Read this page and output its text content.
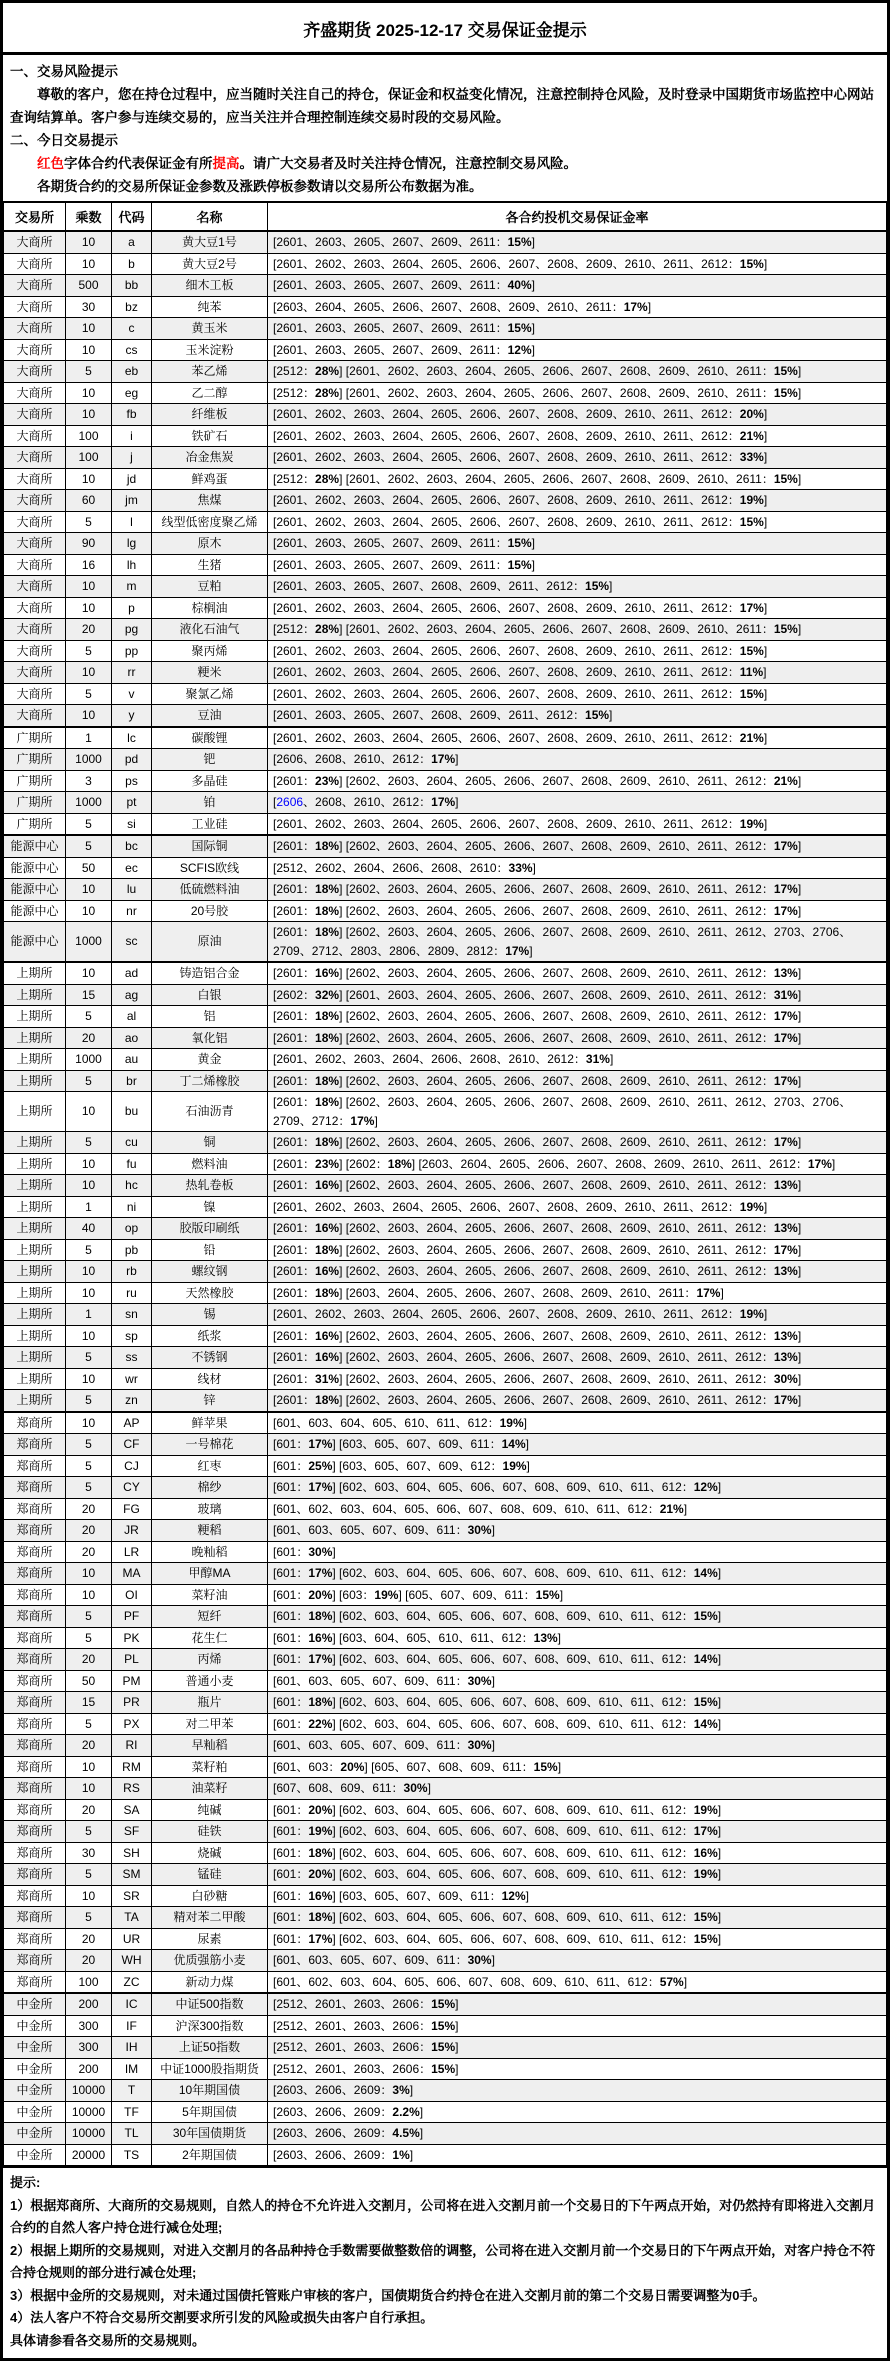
齐盛期货 2025-12-17 交易保证金提示

一、交易风险提示

尊敬的客户，您在持仓过程中，应当随时关注自己的持仓，保证金和权益变化情况，注意控制持仓风险，及时登录中国期货市场监控中心网站查询结算单。客户参与连续交易的，应当关注并合理控制连续交易时段的交易风险。

二、今日交易提示

红色字体合约代表保证金有所提高。请广大交易者及时关注持仓情况，注意控制交易风险。

各期货合约的交易所保证金参数及涨跌停板参数请以交易所公布数据为准。

交易所	乘数	代码	名称	各合约投机交易保证金率
大商所	10	a	黄大豆1号	[2601、2603、2605、2607、2609、2611：15%]
大商所	10	b	黄大豆2号	[2601、2602、2603、2604、2605、2606、2607、2608、2609、2610、2611、2612：15%]
大商所	500	bb	细木工板	[2601、2603、2605、2607、2609、2611：40%]
大商所	30	bz	纯苯	[2603、2604、2605、2606、2607、2608、2609、2610、2611：17%]
大商所	10	c	黄玉米	[2601、2603、2605、2607、2609、2611：15%]
大商所	10	cs	玉米淀粉	[2601、2603、2605、2607、2609、2611：12%]
大商所	5	eb	苯乙烯	[2512：28%] [2601、2602、2603、2604、2605、2606、2607、2608、2609、2610、2611：15%]
大商所	10	eg	乙二醇	[2512：28%] [2601、2602、2603、2604、2605、2606、2607、2608、2609、2610、2611：15%]
大商所	10	fb	纤维板	[2601、2602、2603、2604、2605、2606、2607、2608、2609、2610、2611、2612：20%]
大商所	100	i	铁矿石	[2601、2602、2603、2604、2605、2606、2607、2608、2609、2610、2611、2612：21%]
大商所	100	j	冶金焦炭	[2601、2602、2603、2604、2605、2606、2607、2608、2609、2610、2611、2612：33%]
大商所	10	jd	鲜鸡蛋	[2512：28%] [2601、2602、2603、2604、2605、2606、2607、2608、2609、2610、2611：15%]
大商所	60	jm	焦煤	[2601、2602、2603、2604、2605、2606、2607、2608、2609、2610、2611、2612：19%]
大商所	5	l	线型低密度聚乙烯	[2601、2602、2603、2604、2605、2606、2607、2608、2609、2610、2611、2612：15%]
大商所	90	lg	原木	[2601、2603、2605、2607、2609、2611：15%]
大商所	16	lh	生猪	[2601、2603、2605、2607、2609、2611：15%]
大商所	10	m	豆粕	[2601、2603、2605、2607、2608、2609、2611、2612：15%]
大商所	10	p	棕榈油	[2601、2602、2603、2604、2605、2606、2607、2608、2609、2610、2611、2612：17%]
大商所	20	pg	液化石油气	[2512：28%] [2601、2602、2603、2604、2605、2606、2607、2608、2609、2610、2611：15%]
大商所	5	pp	聚丙烯	[2601、2602、2603、2604、2605、2606、2607、2608、2609、2610、2611、2612：15%]
大商所	10	rr	粳米	[2601、2602、2603、2604、2605、2606、2607、2608、2609、2610、2611、2612：11%]
大商所	5	v	聚氯乙烯	[2601、2602、2603、2604、2605、2606、2607、2608、2609、2610、2611、2612：15%]
大商所	10	y	豆油	[2601、2603、2605、2607、2608、2609、2611、2612：15%]
广期所	1	lc	碳酸锂	[2601、2602、2603、2604、2605、2606、2607、2608、2609、2610、2611、2612：21%]
广期所	1000	pd	钯	[2606、2608、2610、2612：17%]
广期所	3	ps	多晶硅	[2601：23%] [2602、2603、2604、2605、2606、2607、2608、2609、2610、2611、2612：21%]
广期所	1000	pt	铂	[2606、2608、2610、2612：17%]
广期所	5	si	工业硅	[2601、2602、2603、2604、2605、2606、2607、2608、2609、2610、2611、2612：19%]
能源中心	5	bc	国际铜	[2601：18%] [2602、2603、2604、2605、2606、2607、2608、2609、2610、2611、2612：17%]
能源中心	50	ec	SCFIS欧线	[2512、2602、2604、2606、2608、2610：33%]
能源中心	10	lu	低硫燃料油	[2601：18%] [2602、2603、2604、2605、2606、2607、2608、2609、2610、2611、2612：17%]
能源中心	10	nr	20号胶	[2601：18%] [2602、2603、2604、2605、2606、2607、2608、2609、2610、2611、2612：17%]
能源中心	1000	sc	原油	[2601：18%] [2602、2603、2604、2605、2606、2607、2608、2609、2610、2611、2612、2703、2706、2709、2712、2803、2806、2809、2812：17%]
上期所	10	ad	铸造铝合金	[2601：16%] [2602、2603、2604、2605、2606、2607、2608、2609、2610、2611、2612：13%]
上期所	15	ag	白银	[2602：32%] [2601、2603、2604、2605、2606、2607、2608、2609、2610、2611、2612：31%]
上期所	5	al	铝	[2601：18%] [2602、2603、2604、2605、2606、2607、2608、2609、2610、2611、2612：17%]
上期所	20	ao	氧化铝	[2601：18%] [2602、2603、2604、2605、2606、2607、2608、2609、2610、2611、2612：17%]
上期所	1000	au	黄金	[2601、2602、2603、2604、2606、2608、2610、2612：31%]
上期所	5	br	丁二烯橡胶	[2601：18%] [2602、2603、2604、2605、2606、2607、2608、2609、2610、2611、2612：17%]
上期所	10	bu	石油沥青	[2601：18%] [2602、2603、2604、2605、2606、2607、2608、2609、2610、2611、2612、2703、2706、2709、2712：17%]
上期所	5	cu	铜	[2601：18%] [2602、2603、2604、2605、2606、2607、2608、2609、2610、2611、2612：17%]
上期所	10	fu	燃料油	[2601：23%] [2602：18%] [2603、2604、2605、2606、2607、2608、2609、2610、2611、2612：17%]
上期所	10	hc	热轧卷板	[2601：16%] [2602、2603、2604、2605、2606、2607、2608、2609、2610、2611、2612：13%]
上期所	1	ni	镍	[2601、2602、2603、2604、2605、2606、2607、2608、2609、2610、2611、2612：19%]
上期所	40	op	胶版印刷纸	[2601：16%] [2602、2603、2604、2605、2606、2607、2608、2609、2610、2611、2612：13%]
上期所	5	pb	铅	[2601：18%] [2602、2603、2604、2605、2606、2607、2608、2609、2610、2611、2612：17%]
上期所	10	rb	螺纹钢	[2601：16%] [2602、2603、2604、2605、2606、2607、2608、2609、2610、2611、2612：13%]
上期所	10	ru	天然橡胶	[2601：18%] [2603、2604、2605、2606、2607、2608、2609、2610、2611：17%]
上期所	1	sn	锡	[2601、2602、2603、2604、2605、2606、2607、2608、2609、2610、2611、2612：19%]
上期所	10	sp	纸浆	[2601：16%] [2602、2603、2604、2605、2606、2607、2608、2609、2610、2611、2612：13%]
上期所	5	ss	不锈钢	[2601：16%] [2602、2603、2604、2605、2606、2607、2608、2609、2610、2611、2612：13%]
上期所	10	wr	线材	[2601：31%] [2602、2603、2604、2605、2606、2607、2608、2609、2610、2611、2612：30%]
上期所	5	zn	锌	[2601：18%] [2602、2603、2604、2605、2606、2607、2608、2609、2610、2611、2612：17%]
郑商所	10	AP	鲜苹果	[601、603、604、605、610、611、612：19%]
郑商所	5	CF	一号棉花	[601：17%] [603、605、607、609、611：14%]
郑商所	5	CJ	红枣	[601：25%] [603、605、607、609、612：19%]
郑商所	5	CY	棉纱	[601：17%] [602、603、604、605、606、607、608、609、610、611、612：12%]
郑商所	20	FG	玻璃	[601、602、603、604、605、606、607、608、609、610、611、612：21%]
郑商所	20	JR	粳稻	[601、603、605、607、609、611：30%]
郑商所	20	LR	晚籼稻	[601：30%]
郑商所	10	MA	甲醇MA	[601：17%] [602、603、604、605、606、607、608、609、610、611、612：14%]
郑商所	10	OI	菜籽油	[601：20%] [603：19%] [605、607、609、611：15%]
郑商所	5	PF	短纤	[601：18%] [602、603、604、605、606、607、608、609、610、611、612：15%]
郑商所	5	PK	花生仁	[601：16%] [603、604、605、610、611、612：13%]
郑商所	20	PL	丙烯	[601：17%] [602、603、604、605、606、607、608、609、610、611、612：14%]
郑商所	50	PM	普通小麦	[601、603、605、607、609、611：30%]
郑商所	15	PR	瓶片	[601：18%] [602、603、604、605、606、607、608、609、610、611、612：15%]
郑商所	5	PX	对二甲苯	[601：22%] [602、603、604、605、606、607、608、609、610、611、612：14%]
郑商所	20	RI	早籼稻	[601、603、605、607、609、611：30%]
郑商所	10	RM	菜籽粕	[601、603：20%] [605、607、608、609、611：15%]
郑商所	10	RS	油菜籽	[607、608、609、611：30%]
郑商所	20	SA	纯碱	[601：20%] [602、603、604、605、606、607、608、609、610、611、612：19%]
郑商所	5	SF	硅铁	[601：19%] [602、603、604、605、606、607、608、609、610、611、612：17%]
郑商所	30	SH	烧碱	[601：18%] [602、603、604、605、606、607、608、609、610、611、612：16%]
郑商所	5	SM	锰硅	[601：20%] [602、603、604、605、606、607、608、609、610、611、612：19%]
郑商所	10	SR	白砂糖	[601：16%] [603、605、607、609、611：12%]
郑商所	5	TA	精对苯二甲酸	[601：18%] [602、603、604、605、606、607、608、609、610、611、612：15%]
郑商所	20	UR	尿素	[601：17%] [602、603、604、605、606、607、608、609、610、611、612：15%]
郑商所	20	WH	优质强筋小麦	[601、603、605、607、609、611：30%]
郑商所	100	ZC	新动力煤	[601、602、603、604、605、606、607、608、609、610、611、612：57%]
中金所	200	IC	中证500指数	[2512、2601、2603、2606：15%]
中金所	300	IF	沪深300指数	[2512、2601、2603、2606：15%]
中金所	300	IH	上证50指数	[2512、2601、2603、2606：15%]
中金所	200	IM	中证1000股指期货	[2512、2601、2603、2606：15%]
中金所	10000	T	10年期国债	[2603、2606、2609：3%]
中金所	10000	TF	5年期国债	[2603、2606、2609：2.2%]
中金所	10000	TL	30年国债期货	[2603、2606、2609：4.5%]
中金所	20000	TS	2年期国债	[2603、2606、2609：1%]

提示:

1）根据郑商所、大商所的交易规则，自然人的持仓不允许进入交割月，公司将在进入交割月前一个交易日的下午两点开始，对仍然持有即将进入交割月合约的自然人客户持仓进行减仓处理;

2）根据上期所的交易规则，对进入交割月的各品种持仓手数需要做整数倍的调整，公司将在进入交割月前一个交易日的下午两点开始，对客户持仓不符合持仓规则的部分进行减仓处理;

3）根据中金所的交易规则，对未通过国债托管账户审核的客户，国债期货合约持仓在进入交割月前的第二个交易日需要调整为0手。

4）法人客户不符合交易所交割要求所引发的风险或损失由客户自行承担。

具体请参看各交易所的交易规则。
